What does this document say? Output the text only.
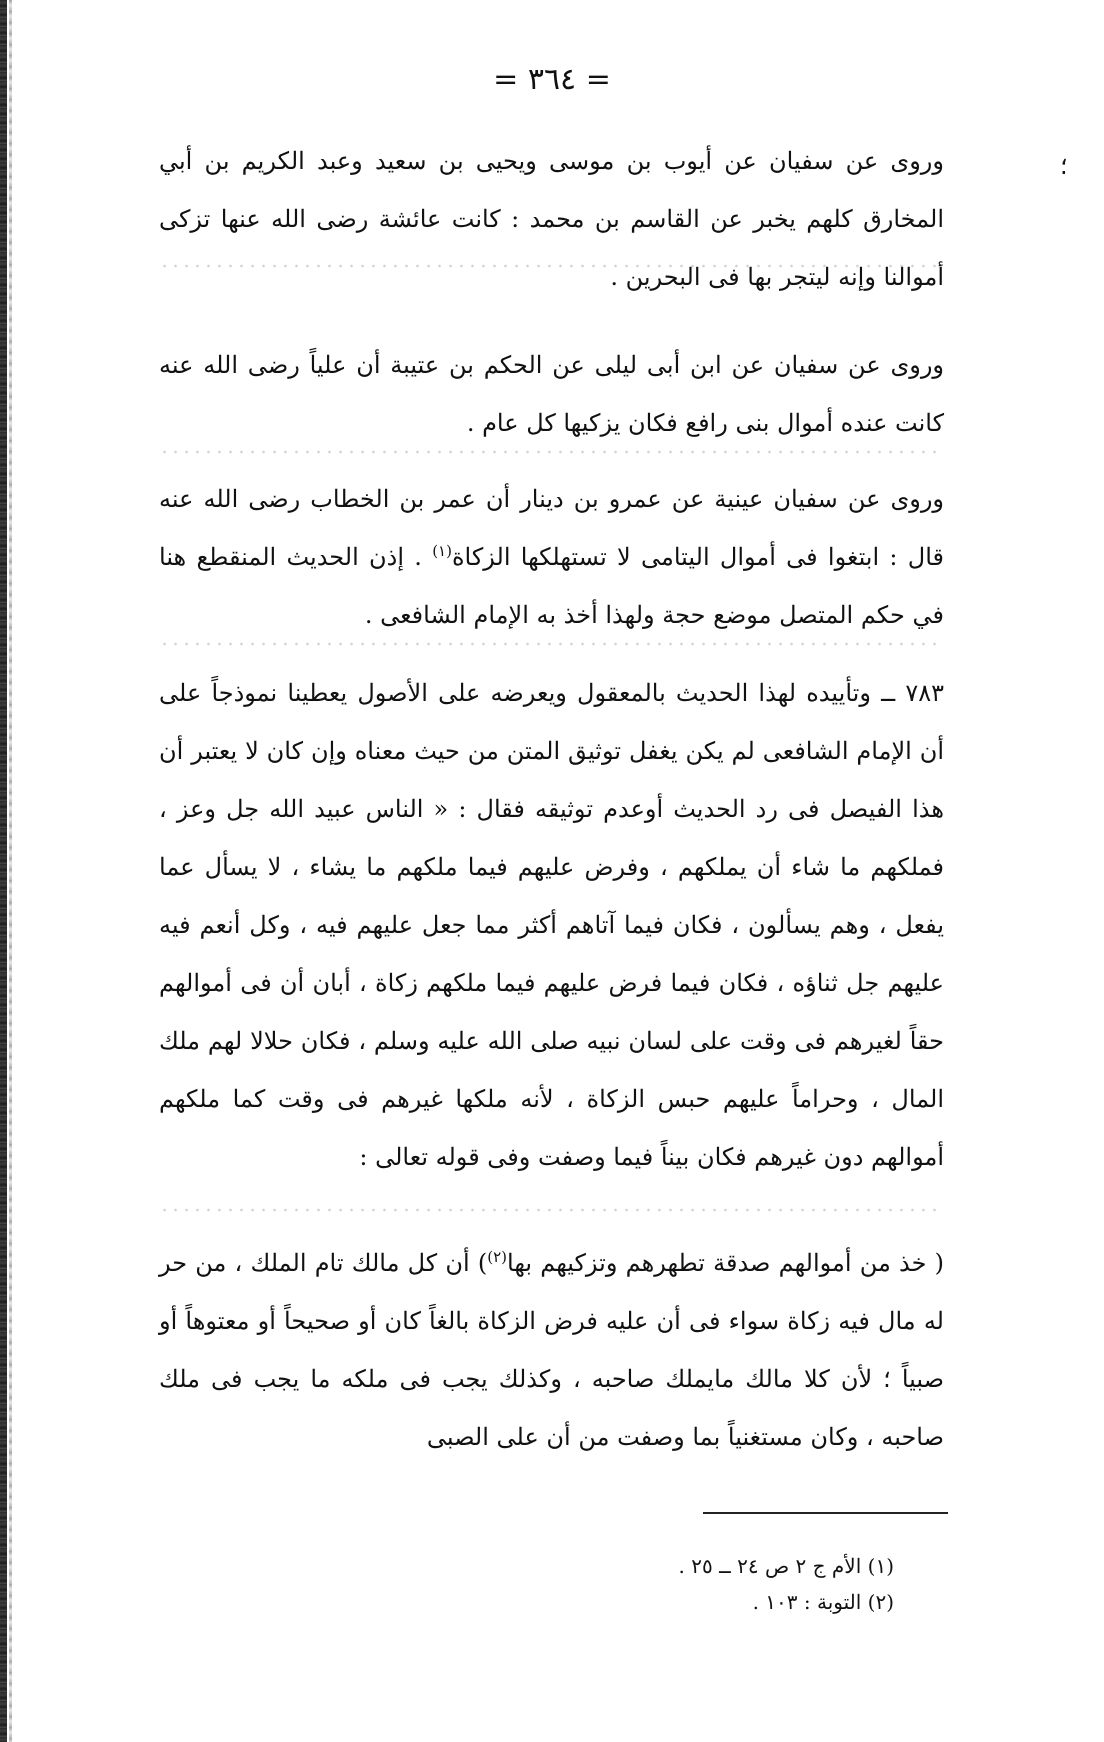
؛
= ٣٦٤ =

وروى عن سفيان عن أيوب بن موسى ويحيى بن سعيد وعبد الكريم بن أبي المخارق كلهم يخبر عن القاسم بن محمد : كانت عائشة رضى الله عنها تزكى أموالنا وإنه ليتجر بها فى البحرين .

وروى عن سفيان عن ابن أبى ليلى عن الحكم بن عتيبة أن علياً رضى الله عنه كانت عنده أموال بنى رافع فكان يزكيها كل عام .

وروى عن سفيان عينية عن عمرو بن دينار أن عمر بن الخطاب رضى الله عنه قال : ابتغوا فى أموال اليتامى لا تستهلكها الزكاة$^{(١)}$ . إذن الحديث المنقطع هنا في حكم المتصل موضع حجة ولهذا أخذ به الإمام الشافعى .

٧٨٣ ــ وتأييده لهذا الحديث بالمعقول ويعرضه على الأصول يعطينا نموذجاً على أن الإمام الشافعى لم يكن يغفل توثيق المتن من حيث معناه وإن كان لا يعتبر أن هذا الفيصل فى رد الحديث أوعدم توثيقه فقال : « الناس عبيد الله جل وعز ، فملكهم ما شاء أن يملكهم ، وفرض عليهم فيما ملكهم ما يشاء ، لا يسأل عما يفعل ، وهم يسألون ، فكان فيما آتاهم أكثر مما جعل عليهم فيه ، وكل أنعم فيه عليهم جل ثناؤه ، فكان فيما فرض عليهم فيما ملكهم زكاة ، أبان أن فى أموالهم حقاً لغيرهم فى وقت على لسان نبيه صلى الله عليه وسلم ، فكان حلالا لهم ملك المال ، وحراماً عليهم حبس الزكاة ، لأنه ملكها غيرهم فى وقت كما ملكهم أموالهم دون غيرهم فكان بيناً فيما وصفت وفى قوله تعالى :

( خذ من أموالهم صدقة تطهرهم وتزكيهم بها$^{(٢)}$) أن كل مالك تام الملك ، من حر له مال فيه زكاة سواء فى أن عليه فرض الزكاة بالغاً كان أو صحيحاً أو معتوهاً أو صبياً ؛ لأن كلا مالك مايملك صاحبه ، وكذلك يجب فى ملكه ما يجب فى ملك صاحبه ، وكان مستغنياً بما وصفت من أن على الصبى

(١) الأم ج ٢ ص ٢٤ ــ ٢٥ .
(٢) التوبة : ١٠٣ .
